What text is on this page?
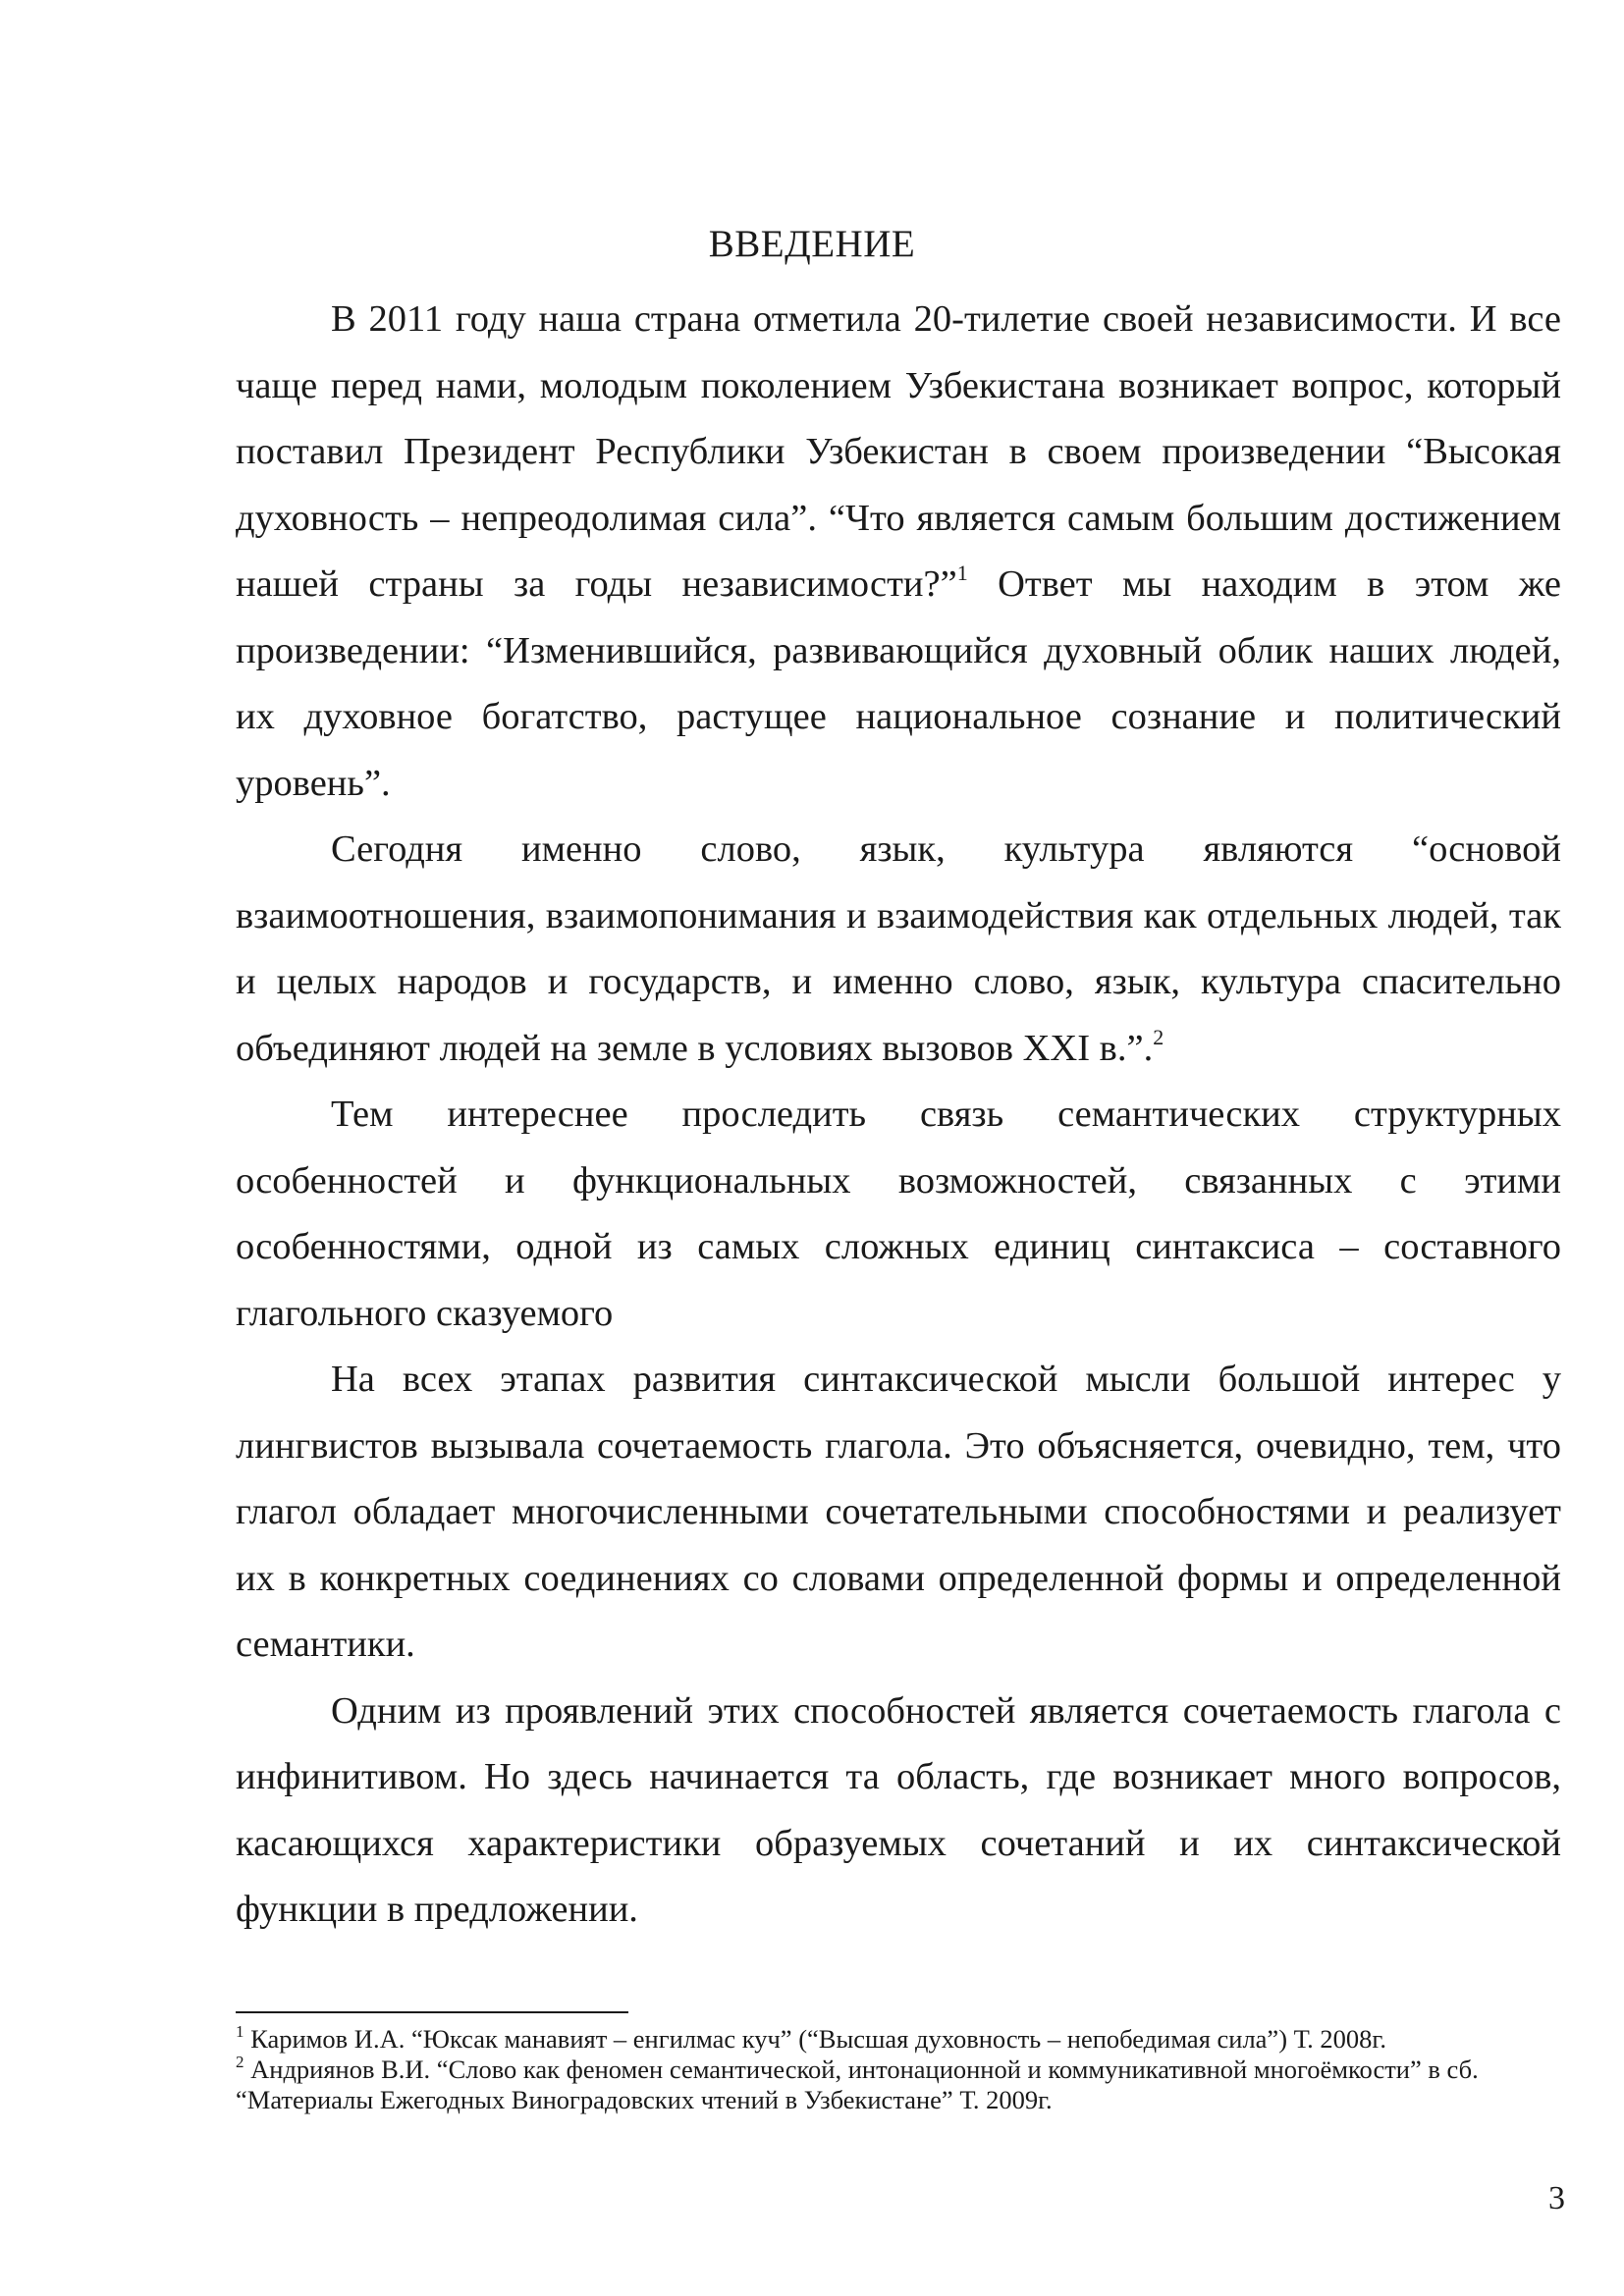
ВВЕДЕНИЕ

В 2011 году наша страна отметила 20-тилетие своей независимости. И все чаще перед нами, молодым поколением Узбекистана возникает вопрос, который поставил Президент Республики Узбекистан в своем произведении “Высокая духовность – непреодолимая сила”. “Что является самым большим достижением нашей страны за годы независимости?”$^1$ Ответ мы находим в этом же произведении: “Изменившийся, развивающийся духовный облик наших людей, их духовное богатство, растущее национальное сознание и политический уровень”.

Сегодня именно слово, язык, культура являются “основой взаимоотношения, взаимопонимания и взаимодействия как отдельных людей, так и целых народов и государств, и именно слово, язык, культура спасительно объединяют людей на земле в условиях вызовов XXI в.”.$^2$

Тем интереснее проследить связь семантических структурных особенностей и функциональных возможностей, связанных с этими особенностями, одной из самых сложных единиц синтаксиса – составного глагольного сказуемого

На всех этапах развития синтаксической мысли большой интерес у лингвистов вызывала сочетаемость глагола. Это объясняется, очевидно, тем, что глагол обладает многочисленными сочетательными способностями и реализует их в конкретных соединениях со словами определенной формы и определенной семантики.

Одним из проявлений этих способностей является сочетаемость глагола с инфинитивом. Но здесь начинается та область, где возникает много вопросов, касающихся характеристики образуемых сочетаний и их синтаксической функции в предложении.

$^1$ Каримов И.А. “Юксак манавият – енгилмас куч” (“Высшая духовность – непобедимая сила”) Т. 2008г.

$^2$ Андриянов В.И. “Слово как феномен семантической, интонационной и коммуникативной многоёмкости” в сб. “Материалы Ежегодных Виноградовских чтений в Узбекистане” Т. 2009г.

3
